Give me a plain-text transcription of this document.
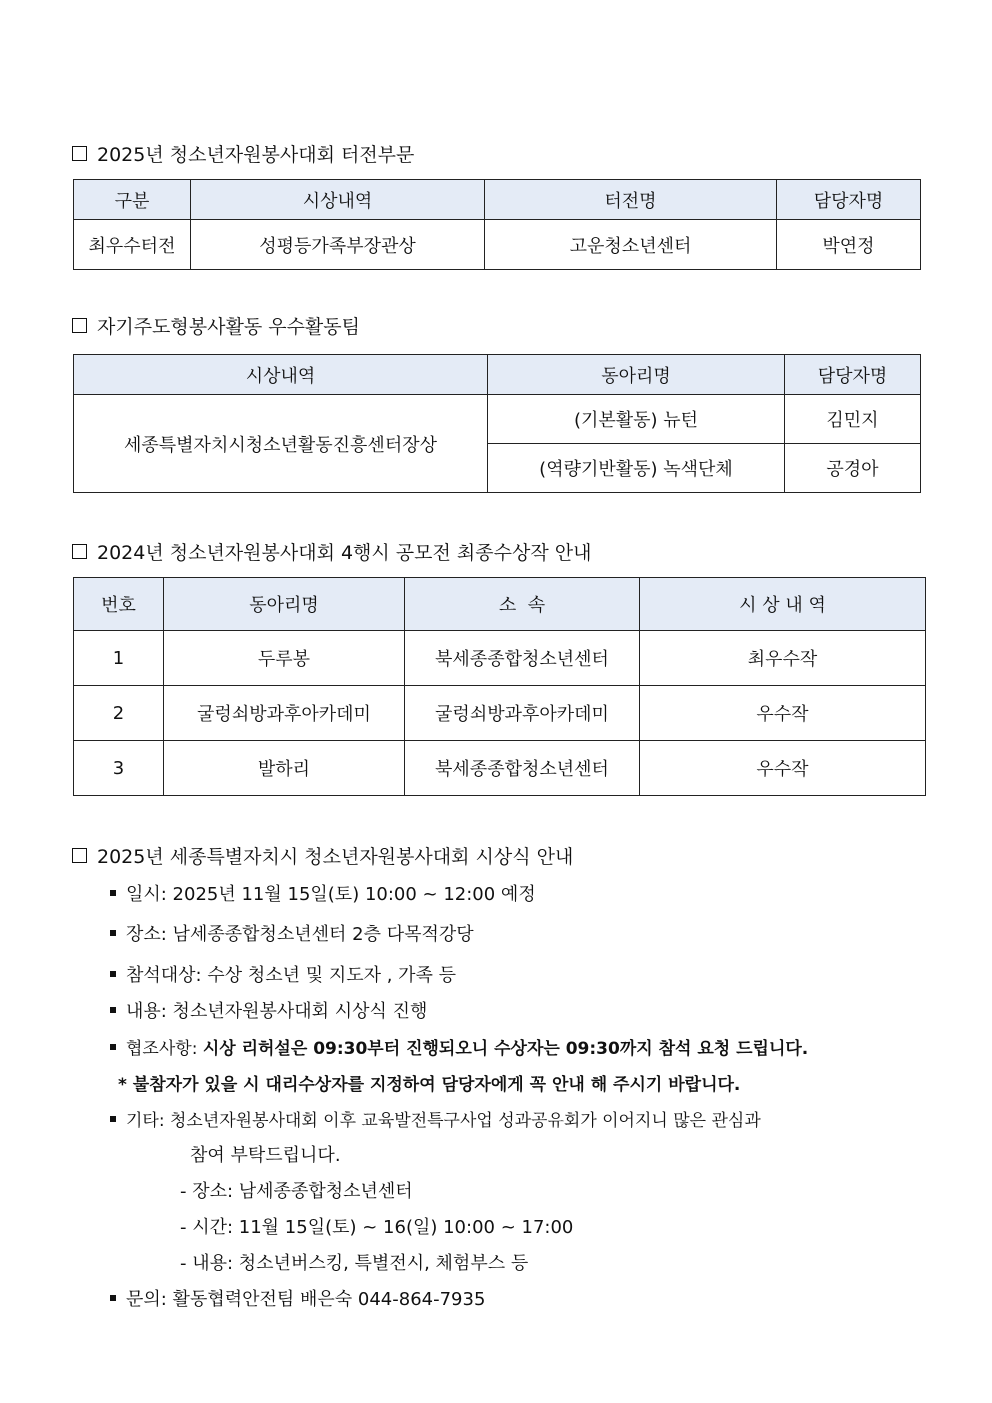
2025년 청소년자원봉사대회 터전부문
구분	시상내역	터전명	담당자명
최우수터전	성평등가족부장관상	고운청소년센터	박연정
자기주도형봉사활동 우수활동팀
시상내역	동아리명	담당자명
세종특별자치시청소년활동진흥센터장상	(기본활동) 뉴턴	김민지
	(역량기반활동) 녹색단체	공경아
2024년 청소년자원봉사대회 4행시 공모전 최종수상작 안내
번호	동아리명	소  속	시 상 내 역
1	두루봉	북세종종합청소년센터	최우수작
2	굴렁쇠방과후아카데미	굴렁쇠방과후아카데미	우수작
3	발하리	북세종종합청소년센터	우수작
2025년 세종특별자치시 청소년자원봉사대회 시상식 안내
일시: 2025년 11월 15일(토) 10:00 ~ 12:00 예정
장소: 남세종종합청소년센터 2층 다목적강당
참석대상: 수상 청소년 및 지도자 , 가족 등
내용: 청소년자원봉사대회 시상식 진행
협조사항: 시상 리허설은 09:30부터 진행되오니 수상자는 09:30까지 참석 요청 드립니다.
* 불참자가 있을 시 대리수상자를 지정하여 담당자에게 꼭 안내 해 주시기 바랍니다.
기타: 청소년자원봉사대회 이후 교육발전특구사업 성과공유회가 이어지니 많은 관심과
참여 부탁드립니다.
- 장소: 남세종종합청소년센터
- 시간: 11월 15일(토) ~ 16(일) 10:00 ~ 17:00
- 내용: 청소년버스킹, 특별전시, 체험부스 등
문의: 활동협력안전팀 배은숙 044-864-7935
